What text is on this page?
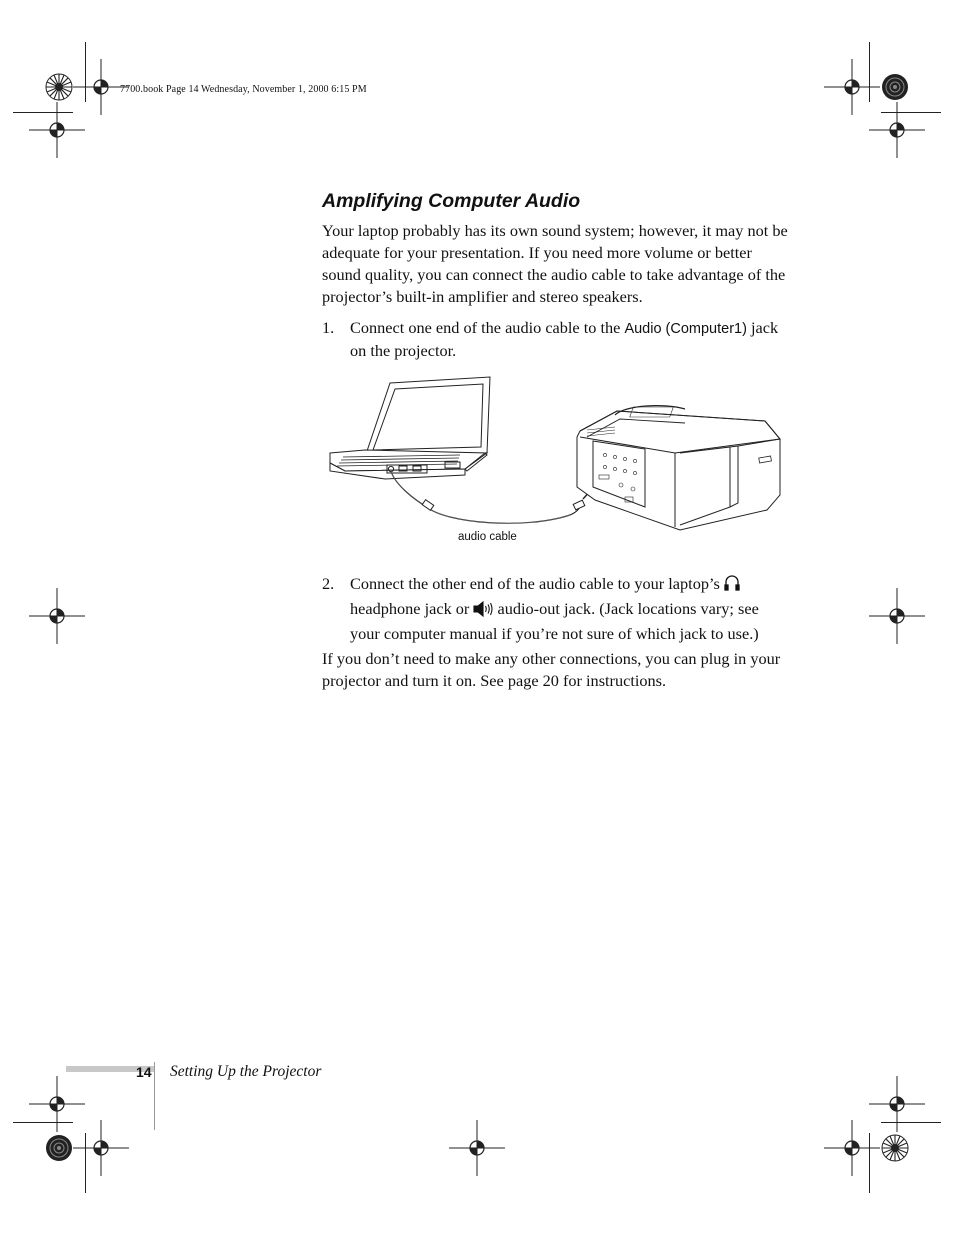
7700.book Page 14 Wednesday, November 1, 2000 6:15 PM
Amplifying Computer Audio
Your laptop probably has its own sound system; however, it may not be adequate for your presentation. If you need more volume or better sound quality, you can connect the audio cable to take advantage of the projector’s built-in amplifier and stereo speakers.
1. Connect one end of the audio cable to the Audio (Computer1) jack on the projector.
audio cable
2. Connect the other end of the audio cable to your laptop’s  headphone jack or  audio-out jack. (Jack locations vary; see your computer manual if you’re not sure of which jack to use.)
If you don’t need to make any other connections, you can plug in your projector and turn it on. See page 20 for instructions.
14 Setting Up the Projector
